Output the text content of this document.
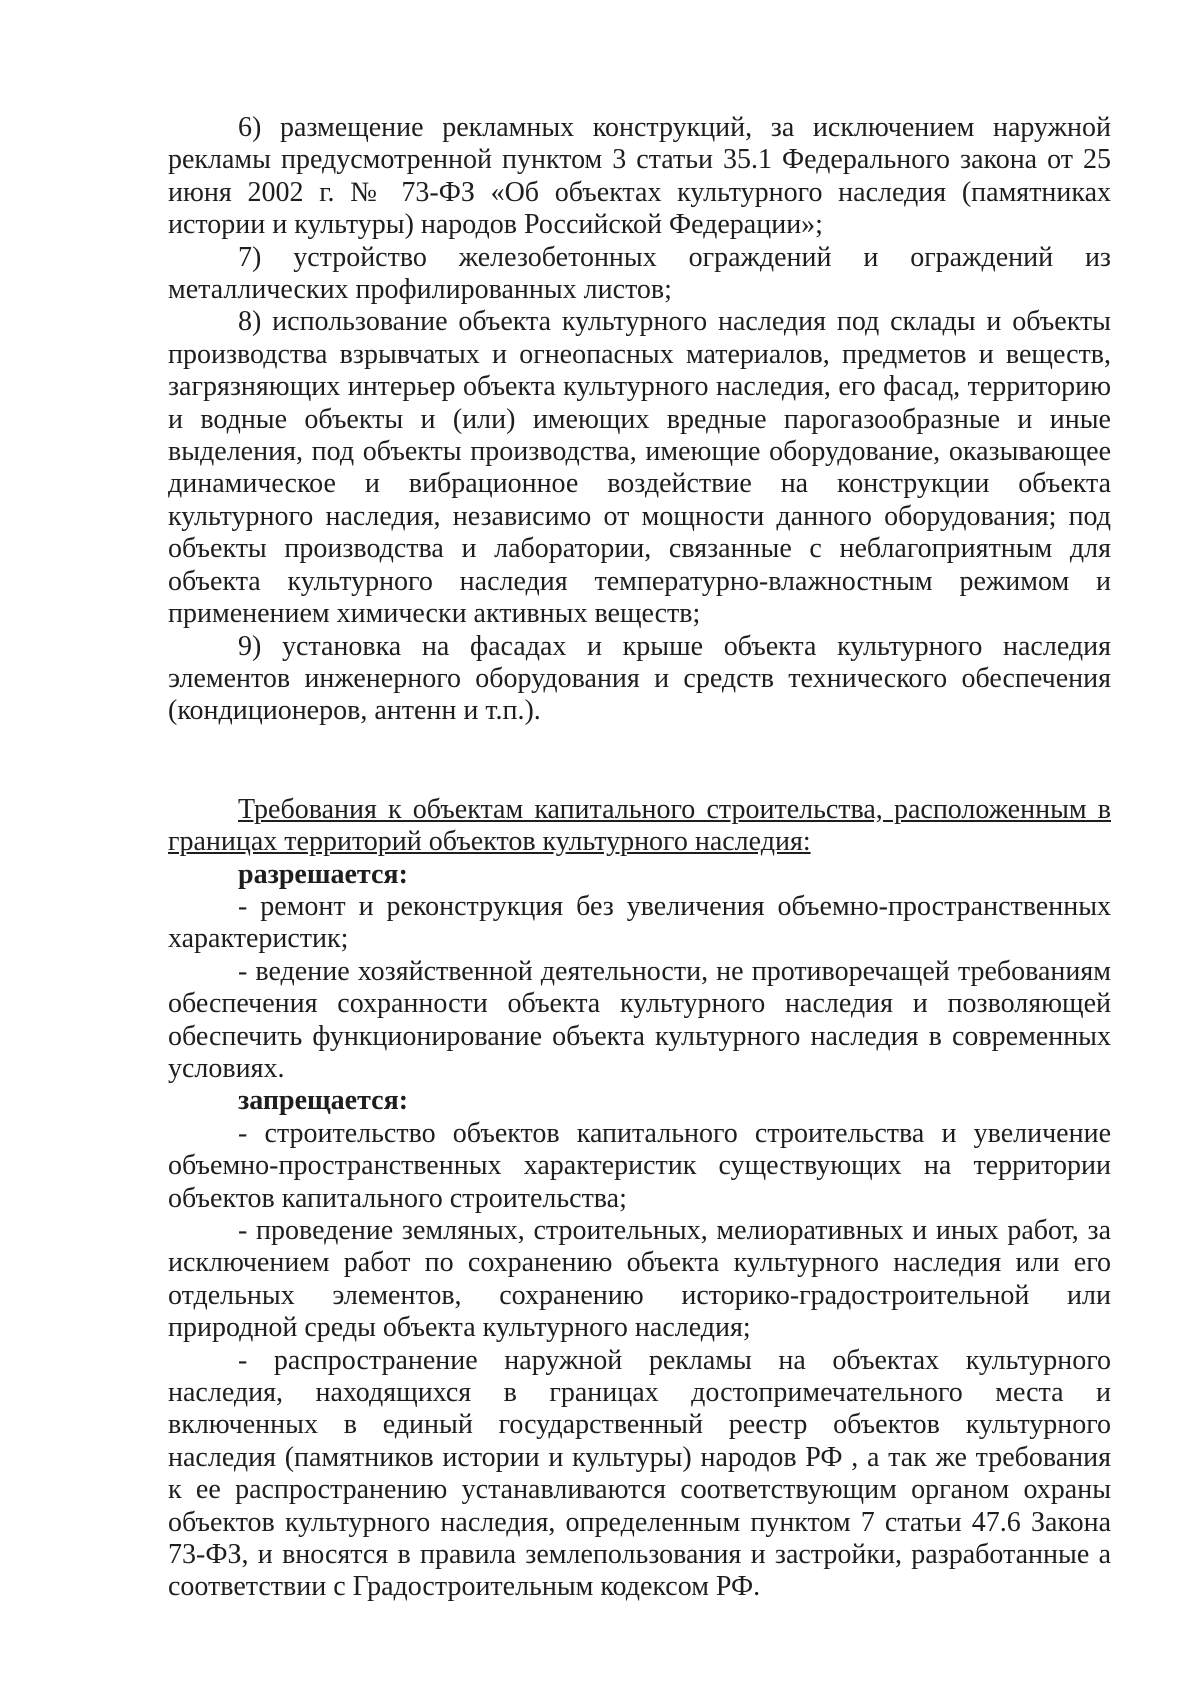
6) размещение рекламных конструкций, за исключением наружной рекламы предусмотренной пунктом 3 статьи 35.1 Федерального закона от 25 июня 2002 г. № 73-ФЗ «Об объектах культурного наследия (памятниках истории и культуры) народов Российской Федерации»;

7) устройство железобетонных ограждений и ограждений из металлических профилированных листов;

8) использование объекта культурного наследия под склады и объекты производства взрывчатых и огнеопасных материалов, предметов и веществ, загрязняющих интерьер объекта культурного наследия, его фасад, территорию и водные объекты и (или) имеющих вредные парогазообразные и иные выделения, под объекты производства, имеющие оборудование, оказывающее динамическое и вибрационное воздействие на конструкции объекта культурного наследия, независимо от мощности данного оборудования; под объекты производства и лаборатории, связанные с неблагоприятным для объекта культурного наследия температурно-влажностным режимом и применением химически активных веществ;

9) установка на фасадах и крыше объекта культурного наследия элементов инженерного оборудования и средств технического обеспечения (кондиционеров, антенн и т.п.).

Требования к объектам капитального строительства, расположенным в границах территорий объектов культурного наследия:

разрешается:

- ремонт и реконструкция без увеличения объемно-пространственных характеристик;

- ведение хозяйственной деятельности, не противоречащей требованиям обеспечения сохранности объекта культурного наследия и позволяющей обеспечить функционирование объекта культурного наследия в современных условиях.

запрещается:

- строительство объектов капитального строительства и увеличение объемно-пространственных характеристик существующих на территории объектов капитального строительства;

- проведение земляных, строительных, мелиоративных и иных работ, за исключением работ по сохранению объекта культурного наследия или его отдельных элементов, сохранению историко-градостроительной или природной среды объекта культурного наследия;

- распространение наружной рекламы на объектах культурного наследия, находящихся в границах достопримечательного места и включенных в единый государственный реестр объектов культурного наследия (памятников истории и культуры) народов РФ , а так же требования к ее распространению устанавливаются соответствующим органом охраны объектов культурного наследия, определенным пунктом 7 статьи 47.6 Закона 73-ФЗ, и вносятся в правила землепользования и застройки, разработанные а соответствии с Градостроительным кодексом РФ.
